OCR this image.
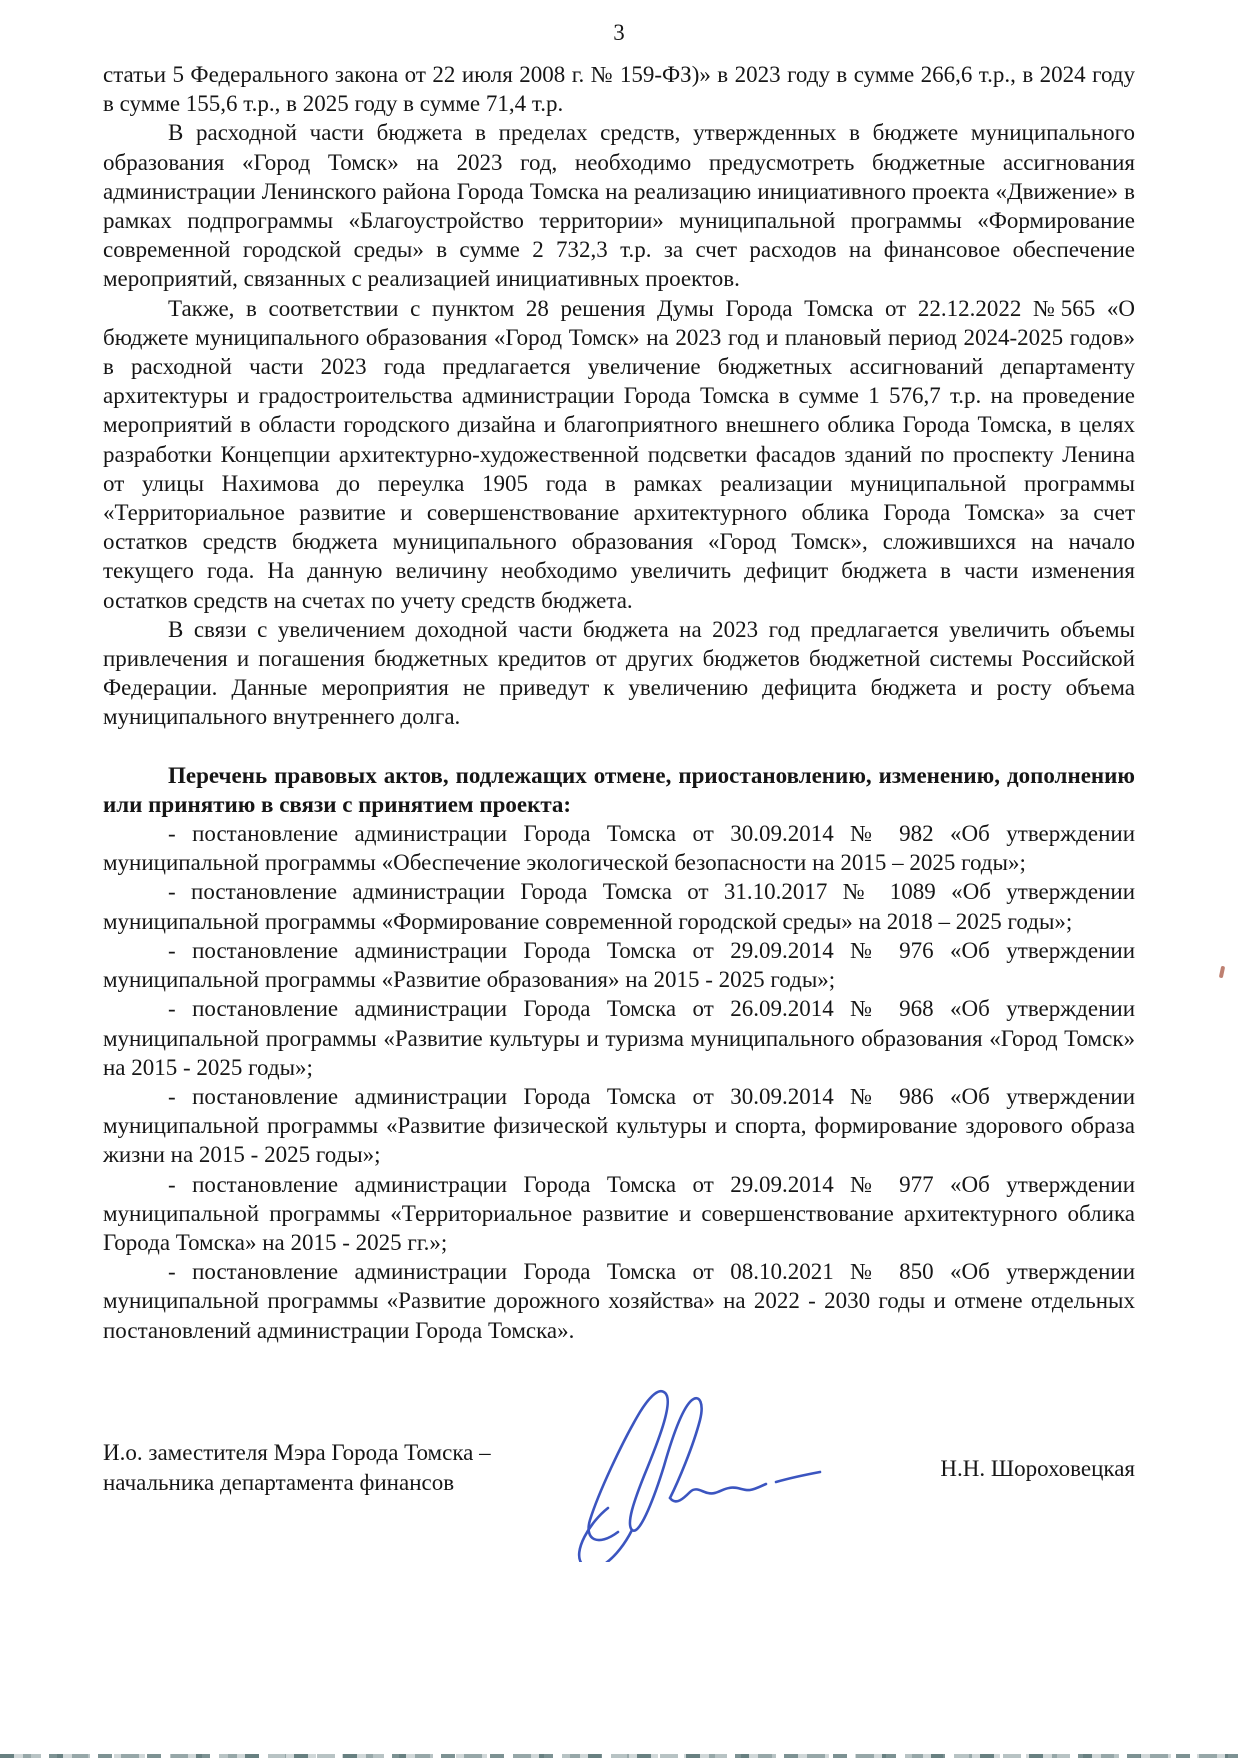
3

статьи 5 Федерального закона от 22 июля 2008 г. № 159-ФЗ)» в 2023 году в сумме 266,6 т.р., в 2024 году в сумме 155,6 т.р., в 2025 году в сумме 71,4 т.р.

В расходной части бюджета в пределах средств, утвержденных в бюджете муниципального образования «Город Томск» на 2023 год, необходимо предусмотреть бюджетные ассигнования администрации Ленинского района Города Томска на реализацию инициативного проекта «Движение» в рамках подпрограммы «Благоустройство территории» муниципальной программы «Формирование современной городской среды» в сумме 2 732,3 т.р. за счет расходов на финансовое обеспечение мероприятий, связанных с реализацией инициативных проектов.

Также, в соответствии с пунктом 28 решения Думы Города Томска от 22.12.2022 №565 «О бюджете муниципального образования «Город Томск» на 2023 год и плановый период 2024-2025 годов» в расходной части 2023 года предлагается увеличение бюджетных ассигнований департаменту архитектуры и градостроительства администрации Города Томска в сумме 1 576,7 т.р. на проведение мероприятий в области городского дизайна и благоприятного внешнего облика Города Томска, в целях разработки Концепции архитектурно-художественной подсветки фасадов зданий по проспекту Ленина от улицы Нахимова до переулка 1905 года в рамках реализации муниципальной программы «Территориальное развитие и совершенствование архитектурного облика Города Томска» за счет остатков средств бюджета муниципального образования «Город Томск», сложившихся на начало текущего года. На данную величину необходимо увеличить дефицит бюджета в части изменения остатков средств на счетах по учету средств бюджета.

В связи с увеличением доходной части бюджета на 2023 год предлагается увеличить объемы привлечения и погашения бюджетных кредитов от других бюджетов бюджетной системы Российской Федерации. Данные мероприятия не приведут к увеличению дефицита бюджета и росту объема муниципального внутреннего долга.

Перечень правовых актов, подлежащих отмене, приостановлению, изменению, дополнению или принятию в связи с принятием проекта:

- постановление администрации Города Томска от 30.09.2014 № 982 «Об утверждении муниципальной программы «Обеспечение экологической безопасности на 2015 – 2025 годы»;

- постановление администрации Города Томска от 31.10.2017 № 1089 «Об утверждении муниципальной программы «Формирование современной городской среды» на 2018 – 2025 годы»;

- постановление администрации Города Томска от 29.09.2014 № 976 «Об утверждении муниципальной программы «Развитие образования» на 2015 - 2025 годы»;

- постановление администрации Города Томска от 26.09.2014 № 968 «Об утверждении муниципальной программы «Развитие культуры и туризма муниципального образования «Город Томск» на 2015 - 2025 годы»;

- постановление администрации Города Томска от 30.09.2014 № 986 «Об утверждении муниципальной программы «Развитие физической культуры и спорта, формирование здорового образа жизни на 2015 - 2025 годы»;

- постановление администрации Города Томска от 29.09.2014 № 977 «Об утверждении муниципальной программы «Территориальное развитие и совершенствование архитектурного облика Города Томска» на 2015 - 2025 гг.»;

- постановление администрации Города Томска от 08.10.2021 № 850 «Об утверждении муниципальной программы «Развитие дорожного хозяйства» на 2022 - 2030 годы и отмене отдельных постановлений администрации Города Томска».

И.о. заместителя Мэра Города Томска –
начальника департамента финансов
Н.Н. Шороховецкая
